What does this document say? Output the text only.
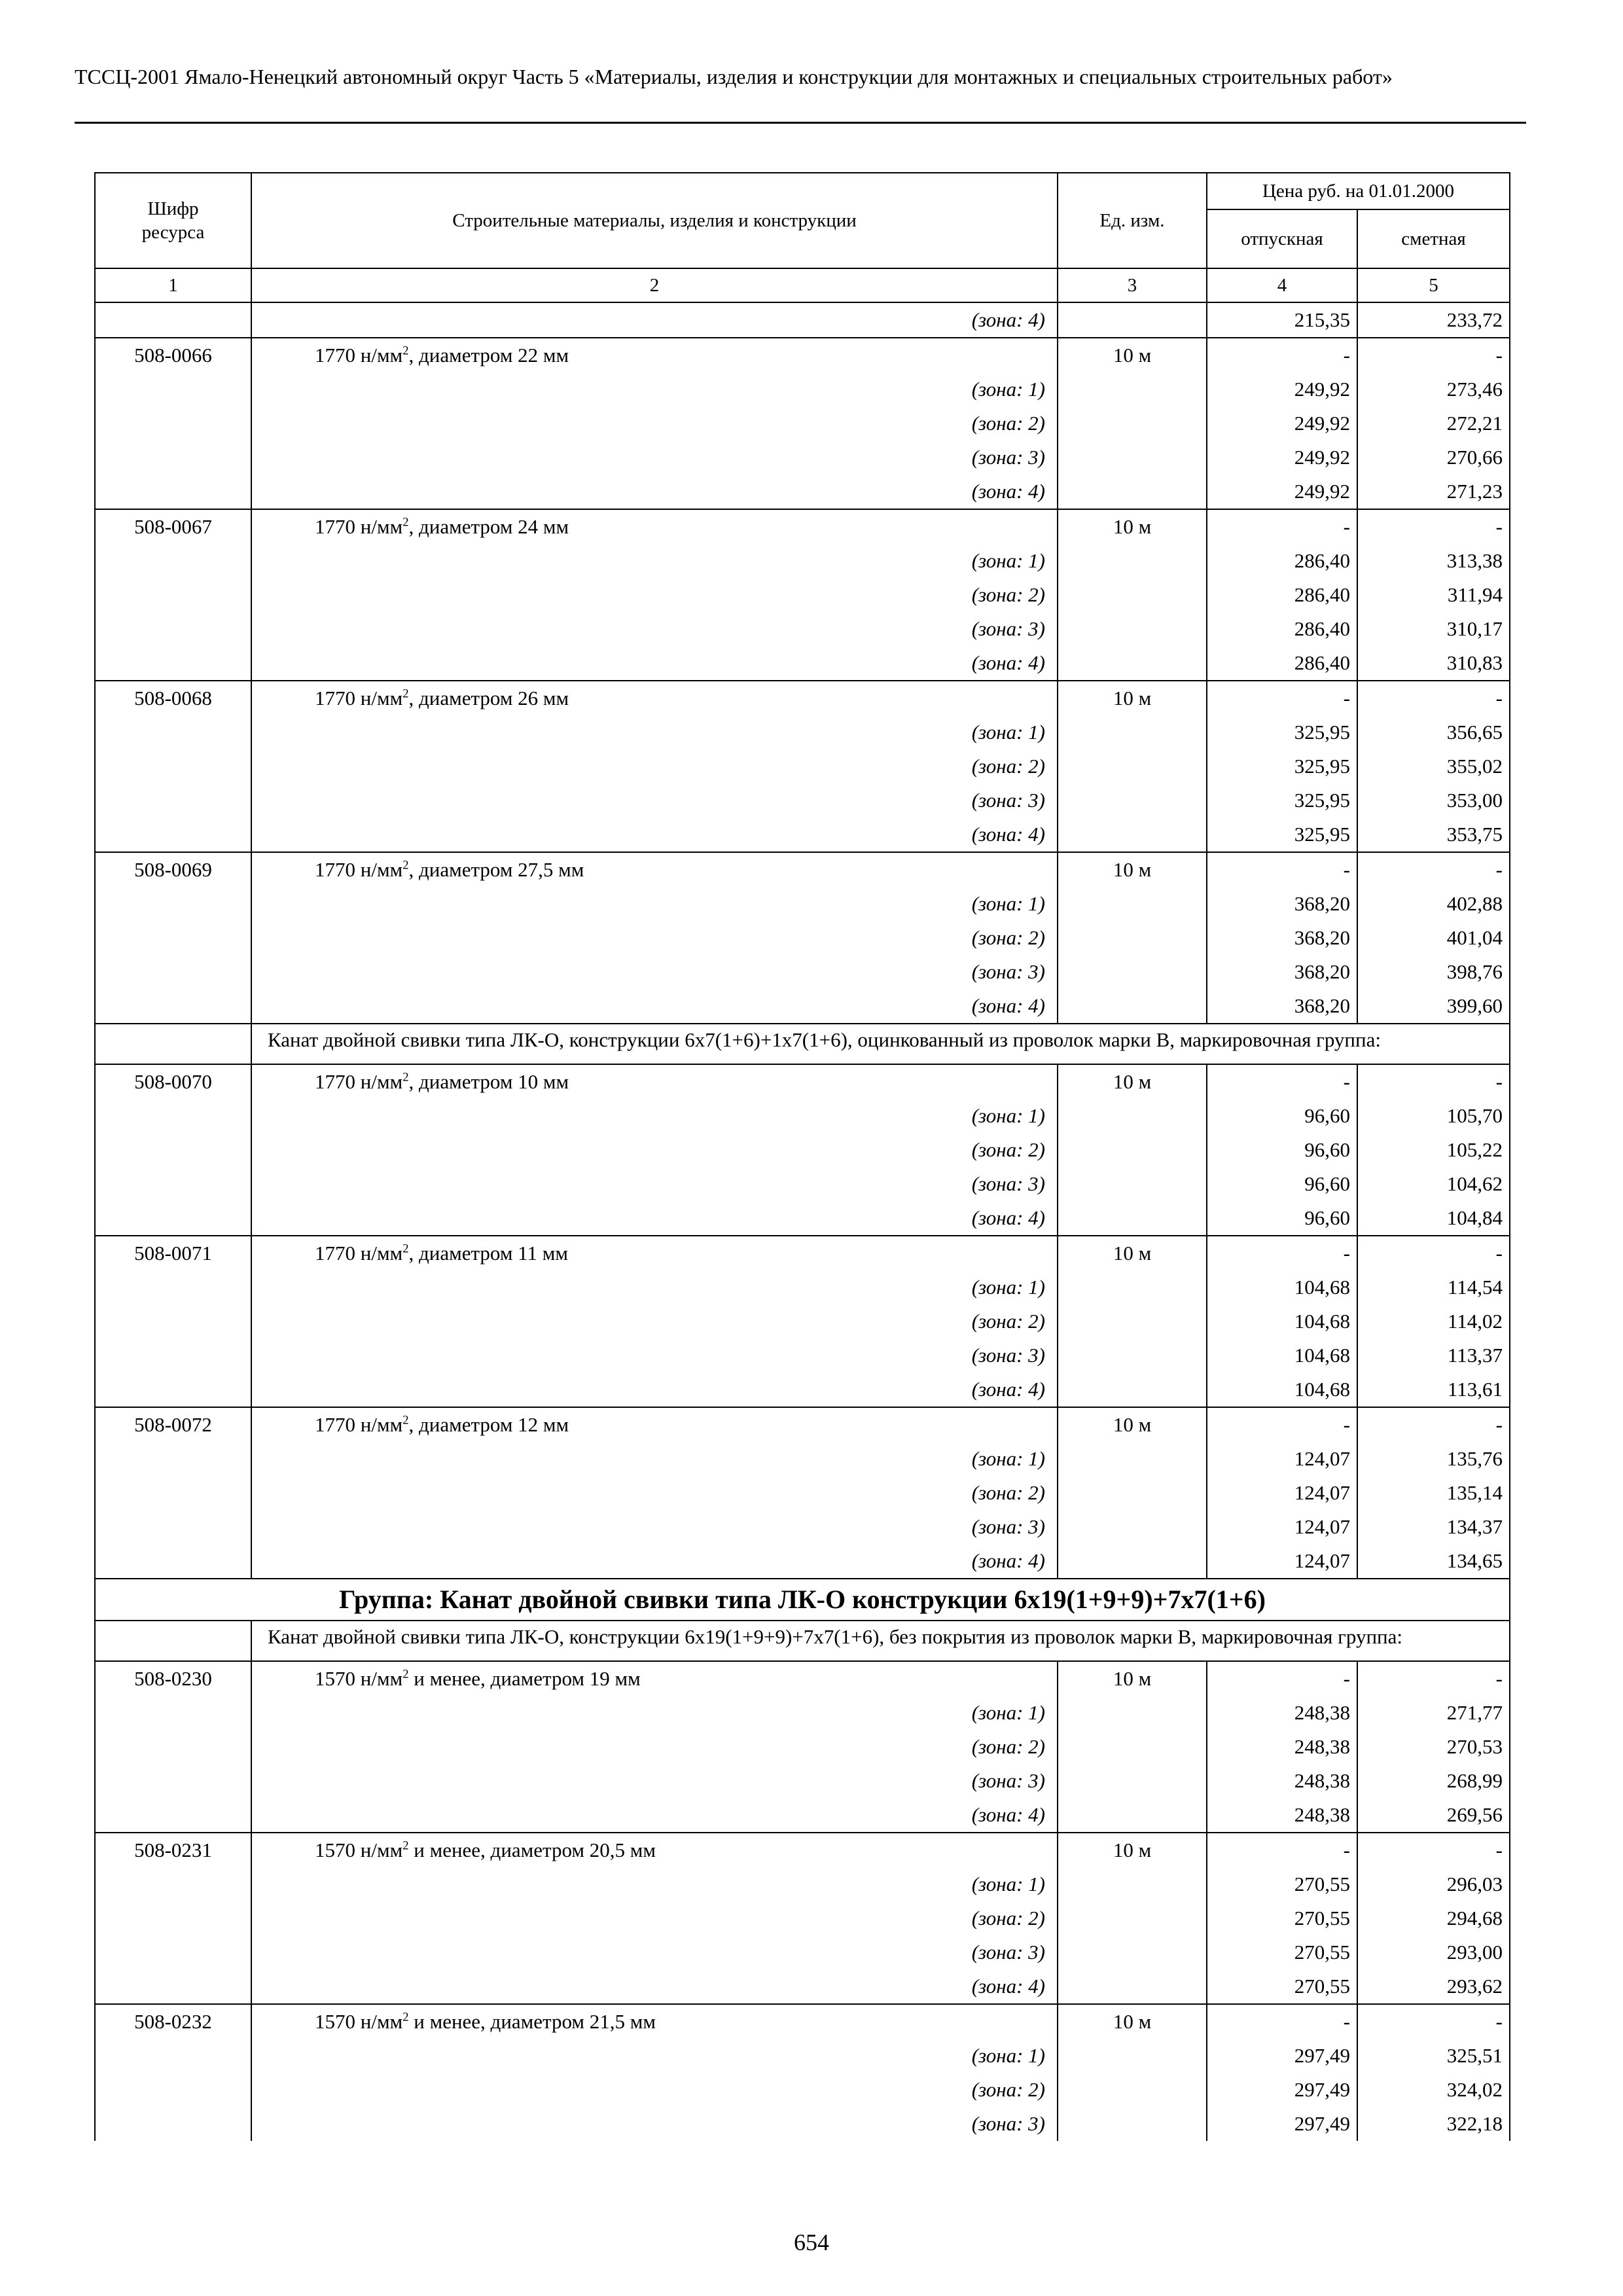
ТССЦ-2001 Ямало-Ненецкий автономный округ Часть 5 «Материалы, изделия и конструкции для монтажных и специальных строительных работ»
Шифр ресурса	Строительные материалы, изделия и конструкции	Ед. изм.	Цена руб. на 01.01.2000	
			отпускная	сметная
1	2	3	4	5
	(зона: 4)		215,35	233,72
508-0066	1770 $н/мм^2$, диаметром 22 мм	10 м	-	-
	(зона: 1)		249,92	273,46
	(зона: 2)		249,92	272,21
	(зона: 3)		249,92	270,66
	(зона: 4)		249,92	271,23
508-0067	1770 $н/мм^2$, диаметром 24 мм	10 м	-	-
	(зона: 1)		286,40	313,38
	(зона: 2)		286,40	311,94
	(зона: 3)		286,40	310,17
	(зона: 4)		286,40	310,83
508-0068	1770 $н/мм^2$, диаметром 26 мм	10 м	-	-
	(зона: 1)		325,95	356,65
	(зона: 2)		325,95	355,02
	(зона: 3)		325,95	353,00
	(зона: 4)		325,95	353,75
508-0069	1770 $н/мм^2$, диаметром 27,5 мм	10 м	-	-
	(зона: 1)		368,20	402,88
	(зона: 2)		368,20	401,04
	(зона: 3)		368,20	398,76
	(зона: 4)		368,20	399,60
	Канат двойной свивки типа ЛК-О, конструкции 6х7(1+6)+1х7(1+6), оцинкованный из проволок марки В, маркировочная группа:			
508-0070	1770 $н/мм^2$, диаметром 10 мм	10 м	-	-
	(зона: 1)		96,60	105,70
	(зона: 2)		96,60	105,22
	(зона: 3)		96,60	104,62
	(зона: 4)		96,60	104,84
508-0071	1770 $н/мм^2$, диаметром 11 мм	10 м	-	-
	(зона: 1)		104,68	114,54
	(зона: 2)		104,68	114,02
	(зона: 3)		104,68	113,37
	(зона: 4)		104,68	113,61
508-0072	1770 $н/мм^2$, диаметром 12 мм	10 м	-	-
	(зона: 1)		124,07	135,76
	(зона: 2)		124,07	135,14
	(зона: 3)		124,07	134,37
	(зона: 4)		124,07	134,65
Группа: Канат двойной свивки типа ЛК-О конструкции 6х19(1+9+9)+7х7(1+6)				
	Канат двойной свивки типа ЛК-О, конструкции 6х19(1+9+9)+7х7(1+6), без покрытия из проволок марки В, маркировочная группа:			
508-0230	1570 $н/мм^2$ и менее, диаметром 19 мм	10 м	-	-
	(зона: 1)		248,38	271,77
	(зона: 2)		248,38	270,53
	(зона: 3)		248,38	268,99
	(зона: 4)		248,38	269,56
508-0231	1570 $н/мм^2$ и менее, диаметром 20,5 мм	10 м	-	-
	(зона: 1)		270,55	296,03
	(зона: 2)		270,55	294,68
	(зона: 3)		270,55	293,00
	(зона: 4)		270,55	293,62
508-0232	1570 $н/мм^2$ и менее, диаметром 21,5 мм	10 м	-	-
	(зона: 1)		297,49	325,51
	(зона: 2)		297,49	324,02
	(зона: 3)		297,49	322,18
654
